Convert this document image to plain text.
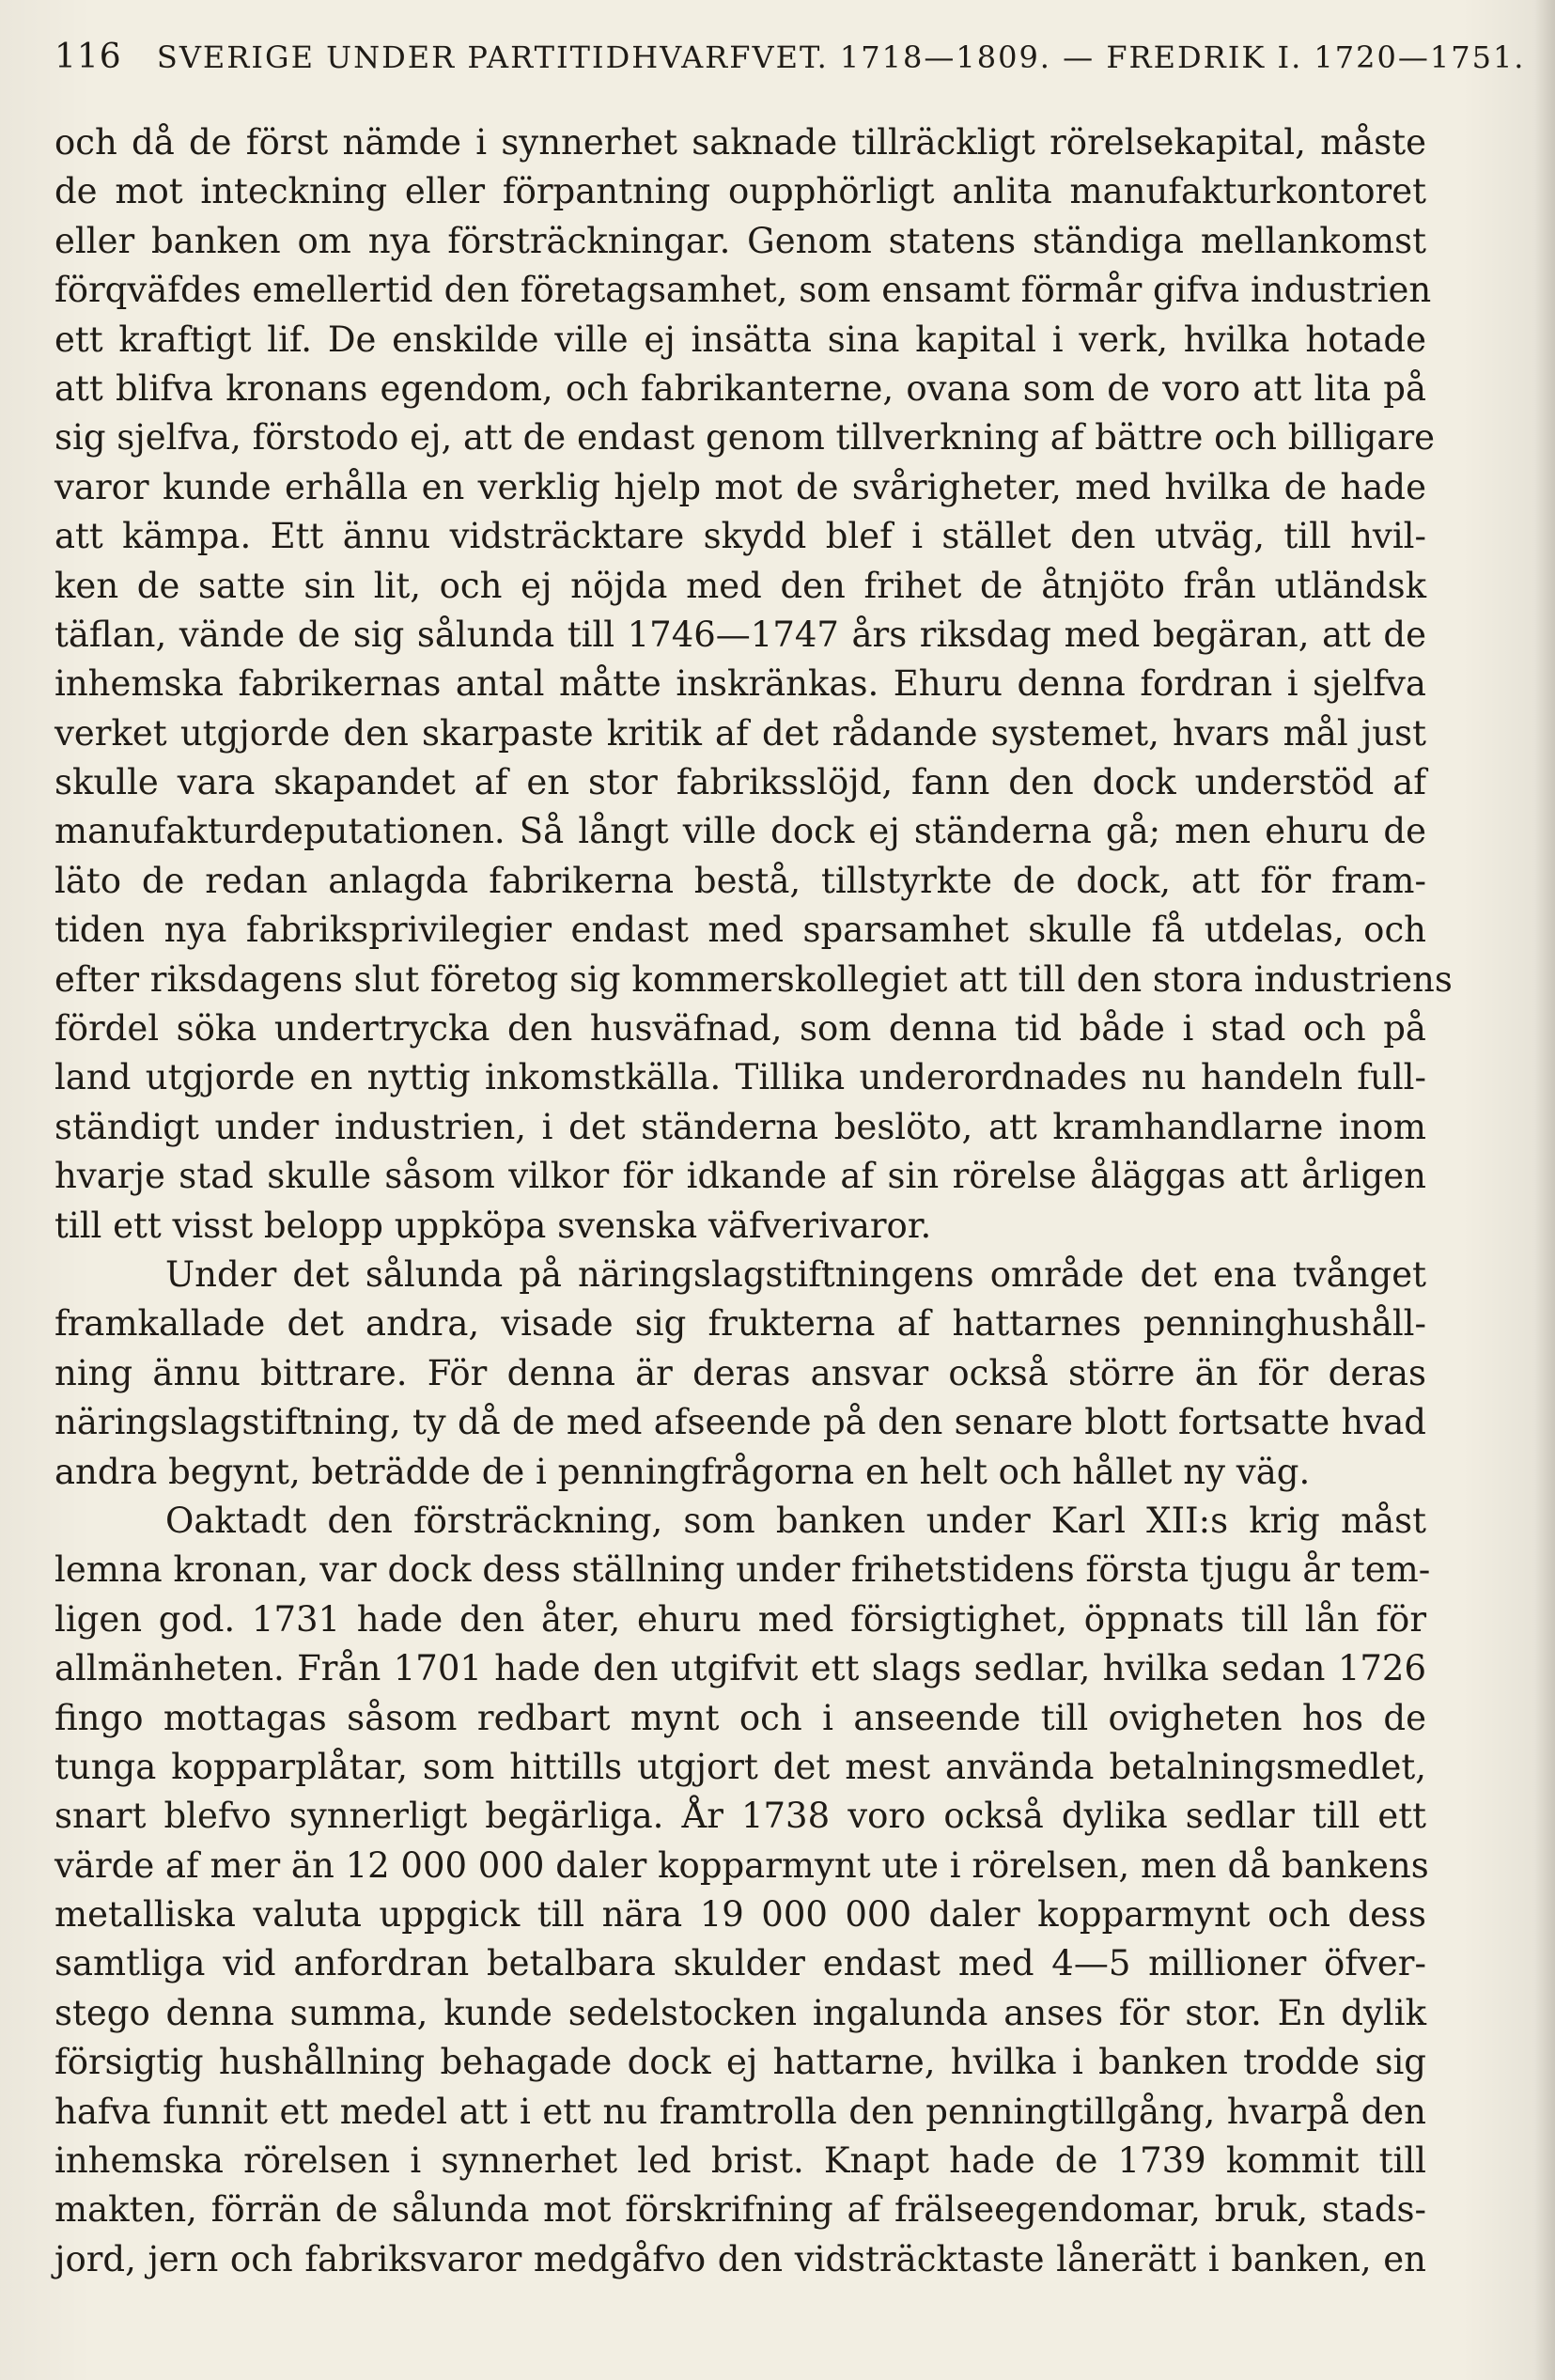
116 SVERIGE UNDER PARTITIDHVARFVET. 1718—1809. — FREDRIK I. 1720—1751.
och då de först nämde i synnerhet saknade tillräckligt rörelsekapital, måste
de mot inteckning eller förpantning oupphörligt anlita manufakturkontoret
eller banken om nya försträckningar. Genom statens ständiga mellankomst
förqväfdes emellertid den företagsamhet, som ensamt förmår gifva industrien
ett kraftigt lif. De enskilde ville ej insätta sina kapital i verk, hvilka hotade
att blifva kronans egendom, och fabrikanterne, ovana som de voro att lita på
sig sjelfva, förstodo ej, att de endast genom tillverkning af bättre och billigare
varor kunde erhålla en verklig hjelp mot de svårigheter, med hvilka de hade
att kämpa. Ett ännu vidsträcktare skydd blef i stället den utväg, till hvil-
ken de satte sin lit, och ej nöjda med den frihet de åtnjöto från utländsk
täflan, vände de sig sålunda till 1746—1747 års riksdag med begäran, att de
inhemska fabrikernas antal måtte inskränkas. Ehuru denna fordran i sjelfva
verket utgjorde den skarpaste kritik af det rådande systemet, hvars mål just
skulle vara skapandet af en stor fabriksslöjd, fann den dock understöd af
manufakturdeputationen. Så långt ville dock ej ständerna gå; men ehuru de
läto de redan anlagda fabrikerna bestå, tillstyrkte de dock, att för fram-
tiden nya fabriksprivilegier endast med sparsamhet skulle få utdelas, och
efter riksdagens slut företog sig kommerskollegiet att till den stora industriens
fördel söka undertrycka den husväfnad, som denna tid både i stad och på
land utgjorde en nyttig inkomstkälla. Tillika underordnades nu handeln full-
ständigt under industrien, i det ständerna beslöto, att kramhandlarne inom
hvarje stad skulle såsom vilkor för idkande af sin rörelse åläggas att årligen
till ett visst belopp uppköpa svenska väfverivaror.
Under det sålunda på näringslagstiftningens område det ena tvånget
framkallade det andra, visade sig frukterna af hattarnes penninghushåll-
ning ännu bittrare. För denna är deras ansvar också större än för deras
näringslagstiftning, ty då de med afseende på den senare blott fortsatte hvad
andra begynt, beträdde de i penningfrågorna en helt och hållet ny väg.
Oaktadt den försträckning, som banken under Karl XII:s krig måst
lemna kronan, var dock dess ställning under frihetstidens första tjugu år tem-
ligen god. 1731 hade den åter, ehuru med försigtighet, öppnats till lån för
allmänheten. Från 1701 hade den utgifvit ett slags sedlar, hvilka sedan 1726
fingo mottagas såsom redbart mynt och i anseende till ovigheten hos de
tunga kopparplåtar, som hittills utgjort det mest använda betalningsmedlet,
snart blefvo synnerligt begärliga. År 1738 voro också dylika sedlar till ett
värde af mer än 12 000 000 daler kopparmynt ute i rörelsen, men då bankens
metalliska valuta uppgick till nära 19 000 000 daler kopparmynt och dess
samtliga vid anfordran betalbara skulder endast med 4—5 millioner öfver-
stego denna summa, kunde sedelstocken ingalunda anses för stor. En dylik
försigtig hushållning behagade dock ej hattarne, hvilka i banken trodde sig
hafva funnit ett medel att i ett nu framtrolla den penningtillgång, hvarpå den
inhemska rörelsen i synnerhet led brist. Knapt hade de 1739 kommit till
makten, förrän de sålunda mot förskrifning af frälseegendomar, bruk, stads-
jord, jern och fabriksvaror medgåfvo den vidsträcktaste lånerätt i banken, en
